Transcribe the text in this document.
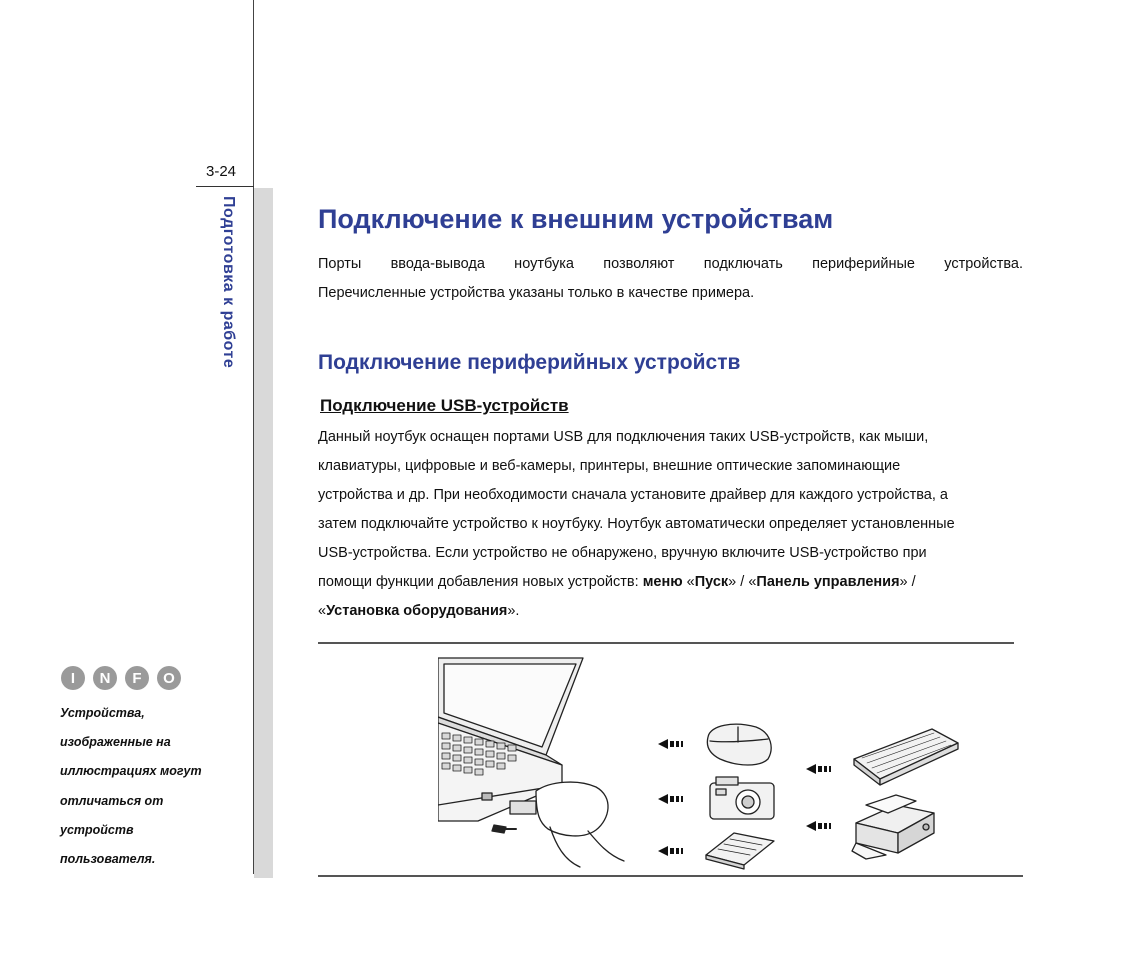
3-24
Подготовка к работе
I N F O

Устройства,
изображенные на
иллюстрациях могут
отличаться от
устройств
пользователя.

Подключение к внешним устройствам

Порты ввода-вывода ноутбука позволяют подключать периферийные устройства.
Перечисленные устройства указаны только в качестве примера.

Подключение периферийных устройств
Подключение USB-устройств

Данный ноутбук оснащен портами USB для подключения таких USB-устройств, как мыши,
клавиатуры, цифровые и веб-камеры, принтеры, внешние оптические запоминающие
устройства и др. При необходимости сначала установите драйвер для каждого устройства, а
затем подключайте устройство к ноутбуку. Ноутбук автоматически определяет установленные
USB-устройства. Если устройство не обнаружено, вручную включите USB-устройство при
помощи функции добавления новых устройств: меню «Пуск» / «Панель управления» /
«Установка оборудования».
